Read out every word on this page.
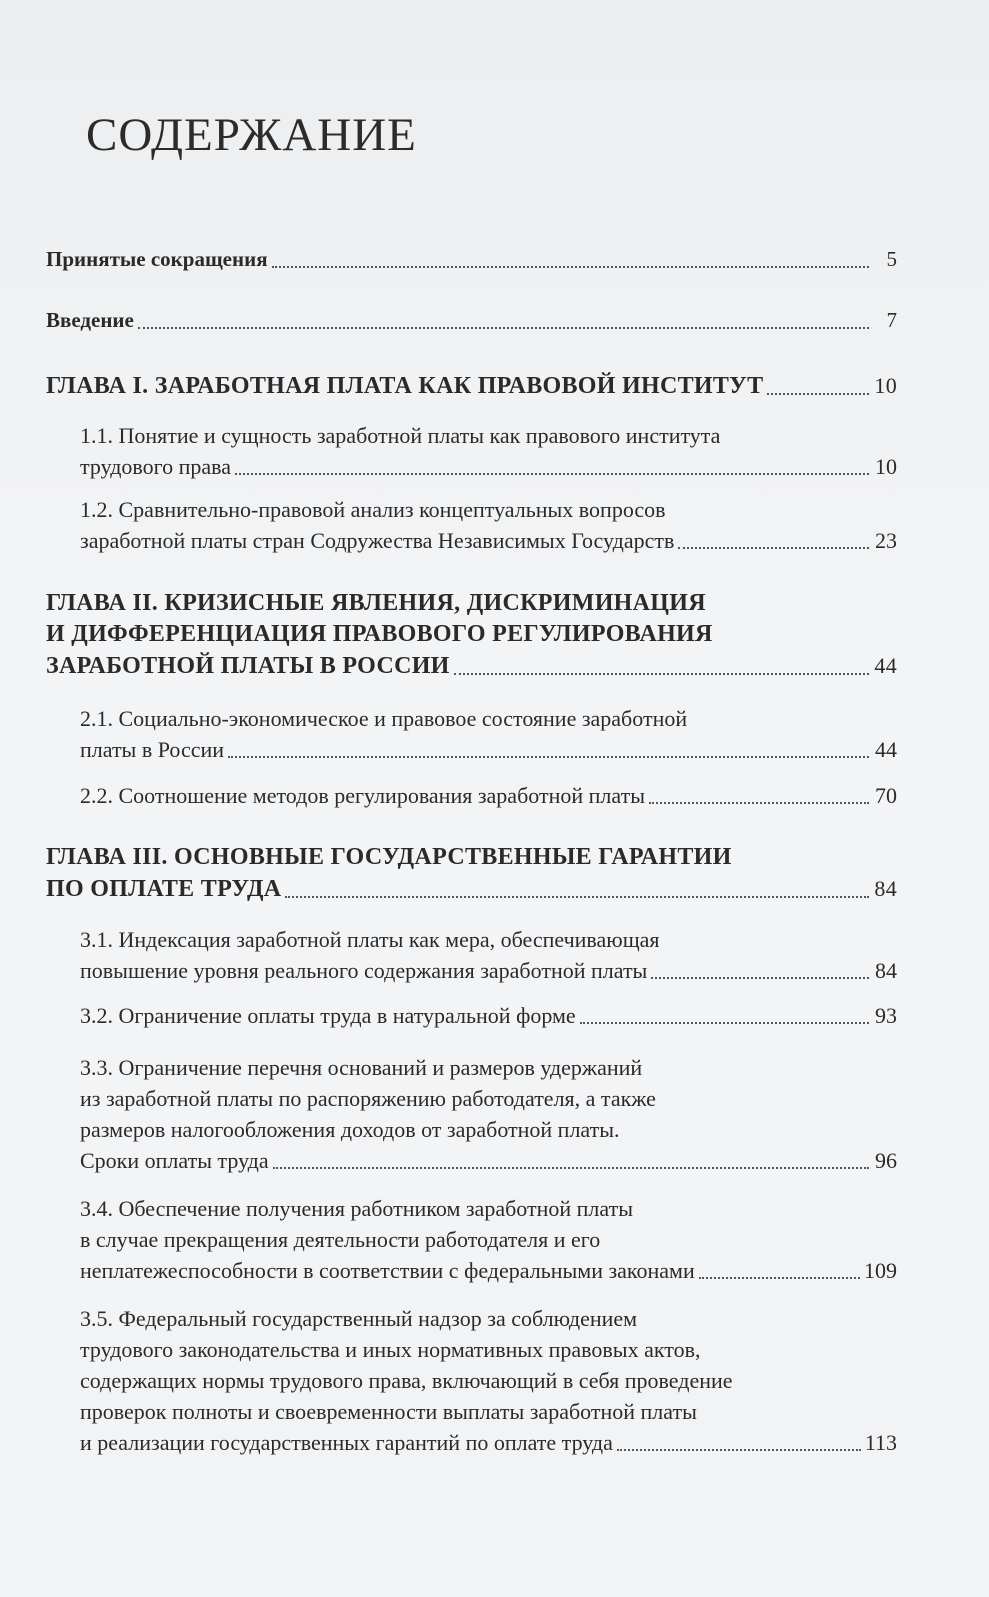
СОДЕРЖАНИЕ
Принятые сокращения	5
Введение	7
ГЛАВА I. ЗАРАБОТНАЯ ПЛАТА КАК ПРАВОВОЙ ИНСТИТУТ	10
1.1. Понятие и сущность заработной платы как правового института
трудового права	10
1.2. Сравнительно-правовой анализ концептуальных вопросов
заработной платы стран Содружества Независимых Государств	23
ГЛАВА II. КРИЗИСНЫЕ ЯВЛЕНИЯ, ДИСКРИМИНАЦИЯ
И ДИФФЕРЕНЦИАЦИЯ ПРАВОВОГО РЕГУЛИРОВАНИЯ
ЗАРАБОТНОЙ ПЛАТЫ В РОССИИ	44
2.1. Социально-экономическое и правовое состояние заработной
платы в России	44
2.2. Соотношение методов регулирования заработной платы	70
ГЛАВА III. ОСНОВНЫЕ ГОСУДАРСТВЕННЫЕ ГАРАНТИИ
ПО ОПЛАТЕ ТРУДА	84
3.1. Индексация заработной платы как мера, обеспечивающая
повышение уровня реального содержания заработной платы	84
3.2. Ограничение оплаты труда в натуральной форме	93
3.3. Ограничение перечня оснований и размеров удержаний
из заработной платы по распоряжению работодателя, а также
размеров налогообложения доходов от заработной платы.
Сроки оплаты труда	96
3.4. Обеспечение получения работником заработной платы
в случае прекращения деятельности работодателя и его
неплатежеспособности в соответствии с федеральными законами	109
3.5. Федеральный государственный надзор за соблюдением
трудового законодательства и иных нормативных правовых актов,
содержащих нормы трудового права, включающий в себя проведение
проверок полноты и своевременности выплаты заработной платы
и реализации государственных гарантий по оплате труда	113
